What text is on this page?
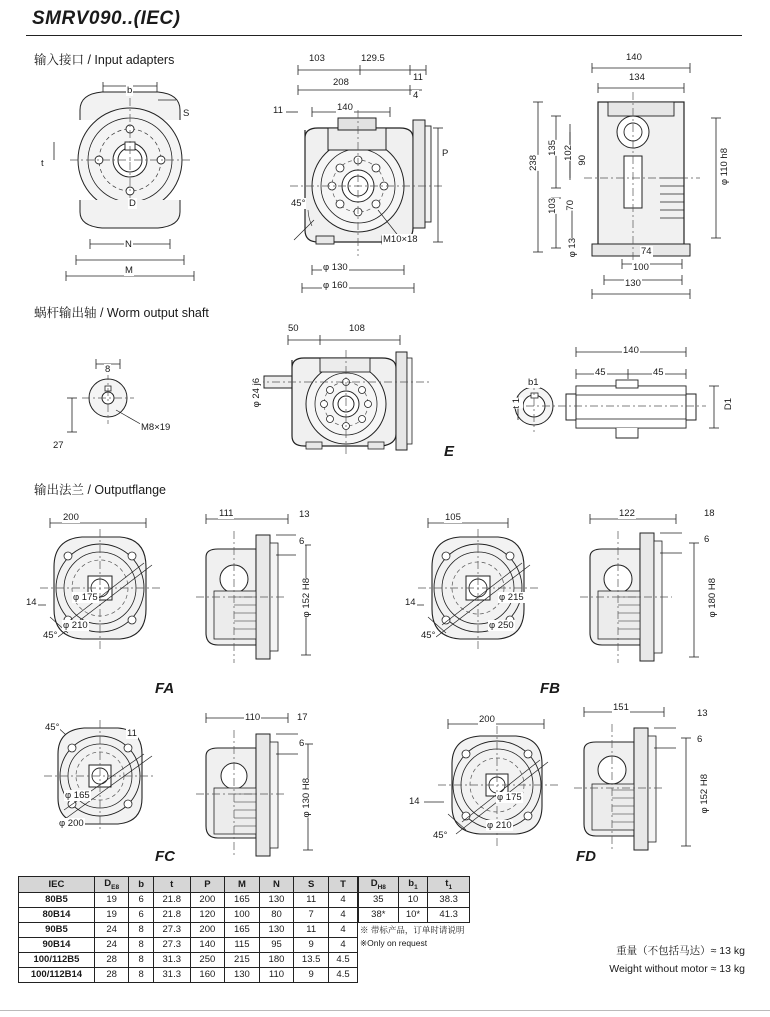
SMRV090..(IEC)
输入接口 / Input adapters
b
S
t
D
N
M
103	129.5
11
208
4
11	140
P
45°
M10×18
φ 130
φ 160
140
134
238
135 102 90
103 70
φ 13
φ 110 h8
74
100
130
蜗杆输出轴 / Worm output shaft
8
M8×19
27
50	108
φ 24 j6
E
140
45	45
b1
t 1	D1
输出法兰 / Outputflange
200	111	13
6
14
45°
φ 175
φ 210
φ 152 H8
FA
105	122	18
6
14
45°
φ 215
φ 250
φ 180 H8
FB
110
11
17
6
45°
φ 165
φ 200
φ 130 H8
FC
200
151
13
6
14
45°
φ 175
φ 210
φ 152 H8
FD
IEC	$D_{E8}$	b	t	P	M	N	S	T
80B5	19	6	21.8	200	165	130	11	4
80B14	19	6	21.8	120	100	80	7	4
90B5	24	8	27.3	200	165	130	11	4
90B14	24	8	27.3	140	115	95	9	4
100/112B5	28	8	31.3	250	215	180	13.5	4.5
100/112B14	28	8	31.3	160	130	110	9	4.5
$D_{H8}$	$b_1$	$t_1$
35	10	38.3
38*	10*	41.3
※ 带标产品，订单时请说明
※Only on request
重量（不包括马达）≈ 13 kg
Weight without motor ≈ 13 kg
